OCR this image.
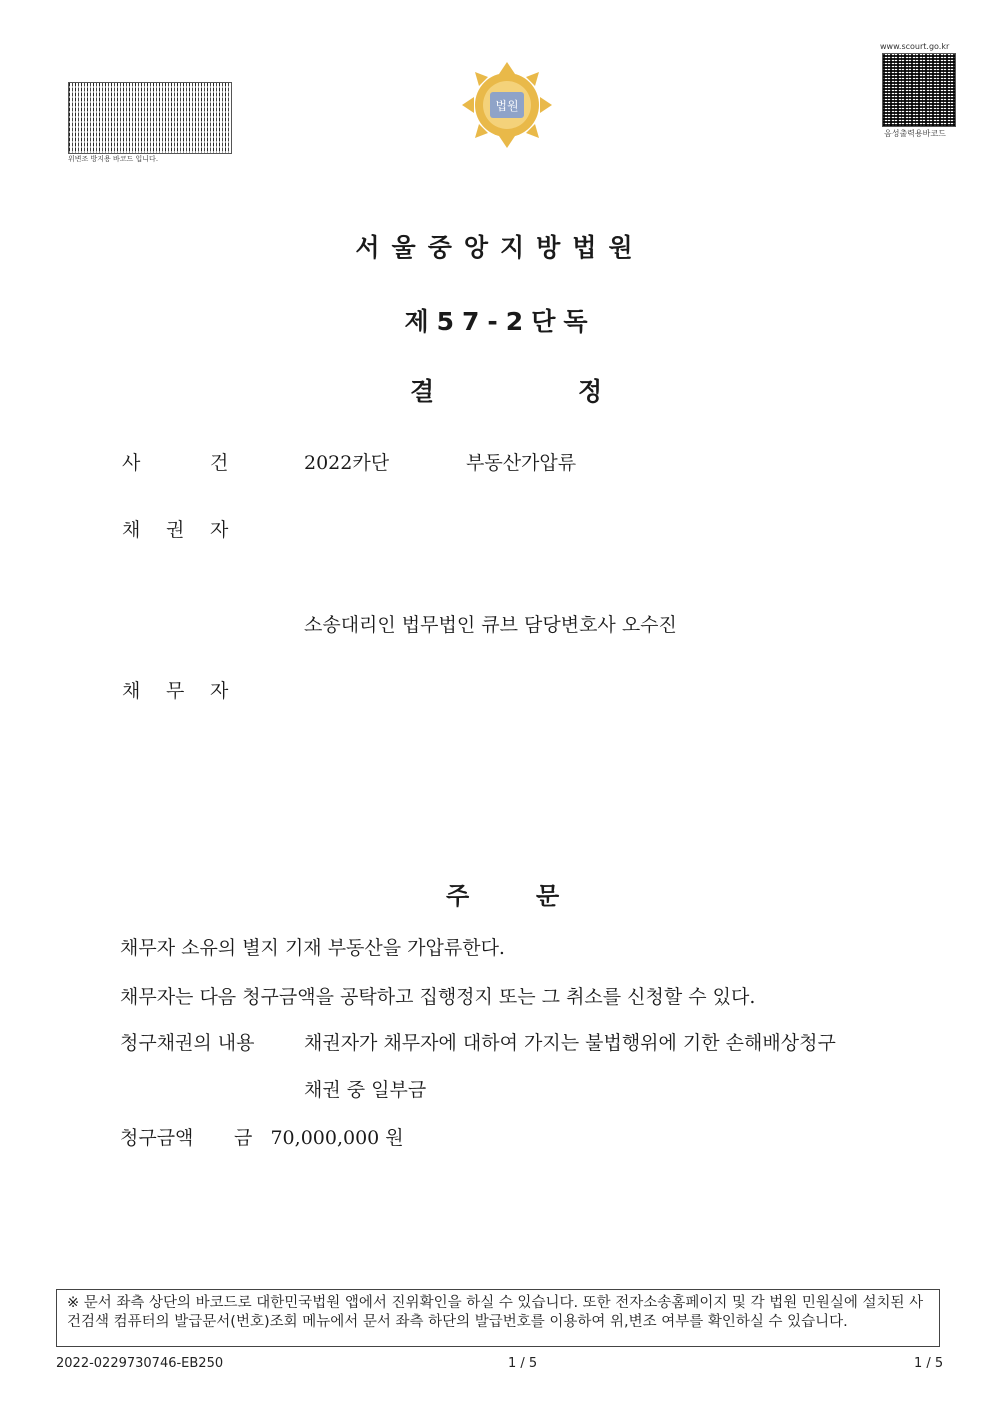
위변조 방지용 바코드 입니다.
법원
www.scourt.go.kr
음성출력용바코드
서울중앙지방법원
제57-2단독
결	정
사	건	2022카단	부동산가압류
채 권 자
소송대리인 법무법인 큐브 담당변호사 오수진
채 무 자
주	문
채무자 소유의 별지 기재 부동산을 가압류한다.
채무자는 다음 청구금액을 공탁하고 집행정지 또는 그 취소를 신청할 수 있다.
청구채권의 내용	채권자가 채무자에 대하여 가지는 불법행위에 기한 손해배상청구
채권 중 일부금
청구금액 금   70,000,000 원
※ 문서 좌측 상단의 바코드로 대한민국법원 앱에서 진위확인을 하실 수 있습니다. 또한 전자소송홈페이지 및 각 법원 민원실에 설치된 사건검색 컴퓨터의 발급문서(번호)조회 메뉴에서 문서 좌측 하단의 발급번호를 이용하여 위,변조 여부를 확인하실 수 있습니다.
2022-0229730746-EB250	1 / 5	1 / 5
